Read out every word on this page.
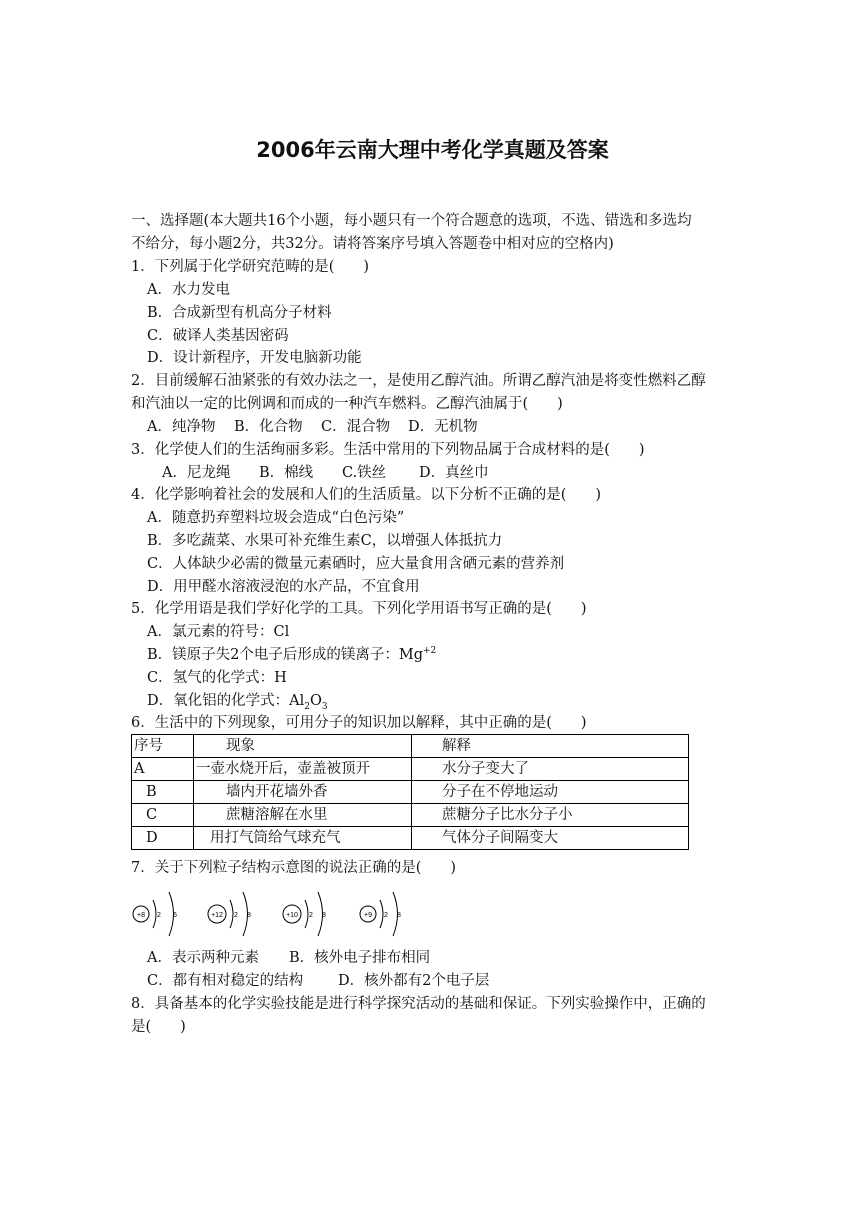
2006年云南大理中考化学真题及答案
一、选择题(本大题共16个小题，每小题只有一个符合题意的选项，不选、错选和多选均
不给分，每小题2分，共32分。请将答案序号填入答题卷中相对应的空格内)
1．下列属于化学研究范畴的是(　　)
A．水力发电
B．合成新型有机高分子材料
C．破译人类基因密码
D．设计新程序，开发电脑新功能
2．目前缓解石油紧张的有效办法之一，是使用乙醇汽油。所谓乙醇汽油是将变性燃料乙醇
和汽油以一定的比例调和而成的一种汽车燃料。乙醇汽油属于(　　)
A．纯净物 B．化合物 C．混合物 D．无机物
3．化学使人们的生活绚丽多彩。生活中常用的下列物品属于合成材料的是(　　)
A．尼龙绳 B．棉线 C.铁丝 D．真丝巾
4．化学影响着社会的发展和人们的生活质量。以下分析不正确的是(　　)
A．随意扔弃塑料垃圾会造成“白色污染”
B．多吃蔬菜、水果可补充维生素C，以增强人体抵抗力
C．人体缺少必需的微量元素硒时，应大量食用含硒元素的营养剂
D．用甲醛水溶液浸泡的水产品，不宜食用
5．化学用语是我们学好化学的工具。下列化学用语书写正确的是(　　)
A．氯元素的符号：Cl
B．镁原子失2个电子后形成的镁离子：$Mg^{+2}$
C．氢气的化学式：H
D．氧化铝的化学式：$Al_2O_3$
6．生活中的下列现象，可用分子的知识加以解释，其中正确的是(　　)
序号	现象	解释
A	一壶水烧开后，壶盖被顶开	水分子变大了
B	墙内开花墙外香	分子在不停地运动
C	蔗糖溶解在水里	蔗糖分子比水分子小
D	用打气筒给气球充气	气体分子间隔变大
7．关于下列粒子结构示意图的说法正确的是(　　)
+8 2 6	+12 2 8	+10 2 8	+9 2 8
A．表示两种元素 B．核外电子排布相同
C．都有相对稳定的结构 D．核外都有2个电子层
8．具备基本的化学实验技能是进行科学探究活动的基础和保证。下列实验操作中，正确的
是(　　)
